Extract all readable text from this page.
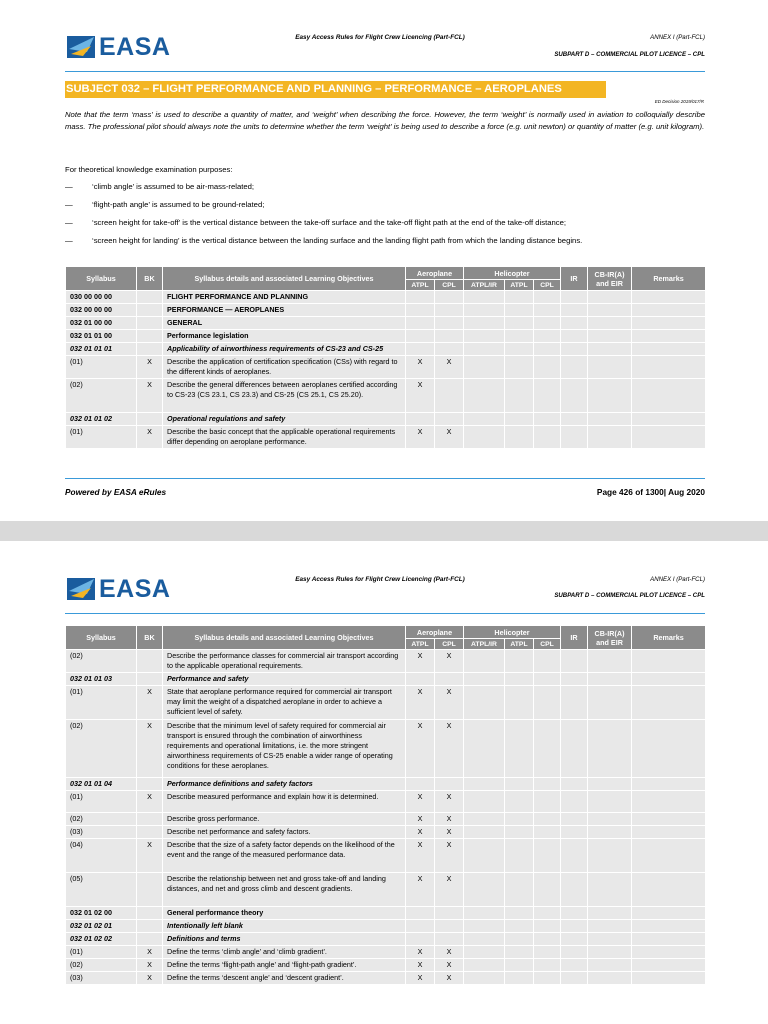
EASA	Easy Access Rules for Flight Crew Licencing (Part-FCL)	ANNEX I (Part-FCL)
SUBPART D – COMMERCIAL PILOT LICENCE – CPL
SUBJECT 032 – FLIGHT PERFORMANCE AND PLANNING – PERFORMANCE – AEROPLANES
ED Decision 2019/017/R
Note that the term ‘mass’ is used to describe a quantity of matter, and ‘weight’ when describing the force. However, the term ‘weight’ is normally used in aviation to colloquially describe mass. The professional pilot should always note the units to determine whether the term ‘weight’ is being used to describe a force (e.g. unit newton) or quantity of matter (e.g. unit kilogram).
For theoretical knowledge examination purposes:
—	‘climb angle’ is assumed to be air-mass-related;
—	‘flight-path angle’ is assumed to be ground-related;
—	‘screen height for take-off’ is the vertical distance between the take-off surface and the take-off flight path at the end of the take-off distance;
—	‘screen height for landing’ is the vertical distance between the landing surface and the landing flight path from which the landing distance begins.
Syllabus	BK	Syllabus details and associated Learning Objectives	Aeroplane		Helicopter			IR	CB-IR(A) and EIR	Remarks
			ATPL	CPL	ATPL/IR	ATPL	CPL			
030 00 00 00		FLIGHT PERFORMANCE AND PLANNING								
032 00 00 00		PERFORMANCE — AEROPLANES								
032 01 00 00		GENERAL								
032 01 01 00		Performance legislation								
032 01 01 01		Applicability of airworthiness requirements of CS-23 and CS-25								
(01)	X	Describe the application of certification specification (CSs) with regard to the different kinds of aeroplanes.	X	X						
(02)	X	Describe the general differences between aeroplanes certified according to CS-23 (CS 23.1, CS 23.3) and CS-25 (CS 25.1, CS 25.20).	X							
032 01 01 02		Operational regulations and safety								
(01)	X	Describe the basic concept that the applicable operational requirements differ depending on aeroplane performance.	X	X						
Powered by EASA eRules	Page 426 of 1300| Aug 2020
EASA	Easy Access Rules for Flight Crew Licencing (Part-FCL)	ANNEX I (Part-FCL)
SUBPART D – COMMERCIAL PILOT LICENCE – CPL
Syllabus	BK	Syllabus details and associated Learning Objectives	Aeroplane		Helicopter			IR	CB-IR(A) and EIR	Remarks
			ATPL	CPL	ATPL/IR	ATPL	CPL			
(02)		Describe the performance classes for commercial air transport according to the applicable operational requirements.	X	X						
032 01 01 03		Performance and safety								
(01)	X	State that aeroplane performance required for commercial air transport may limit the weight of a dispatched aeroplane in order to achieve a sufficient level of safety.	X	X						
(02)	X	Describe that the minimum level of safety required for commercial air transport is ensured through the combination of airworthiness requirements and operational limitations, i.e. the more stringent airworthiness requirements of CS-25 enable a wider range of operating conditions for these aeroplanes.	X	X						
032 01 01 04		Performance definitions and safety factors								
(01)	X	Describe measured performance and explain how it is determined.	X	X						
(02)		Describe gross performance.	X	X						
(03)		Describe net performance and safety factors.	X	X						
(04)	X	Describe that the size of a safety factor depends on the likelihood of the event and the range of the measured performance data.	X	X						
(05)		Describe the relationship between net and gross take-off and landing distances, and net and gross climb and descent gradients.	X	X						
032 01 02 00		General performance theory								
032 01 02 01		Intentionally left blank								
032 01 02 02		Definitions and terms								
(01)	X	Define the terms ‘climb angle’ and ‘climb gradient’.	X	X						
(02)	X	Define the terms ‘flight-path angle’ and ‘flight-path gradient’.	X	X						
(03)	X	Define the terms ‘descent angle’ and ‘descent gradient’.	X	X						
